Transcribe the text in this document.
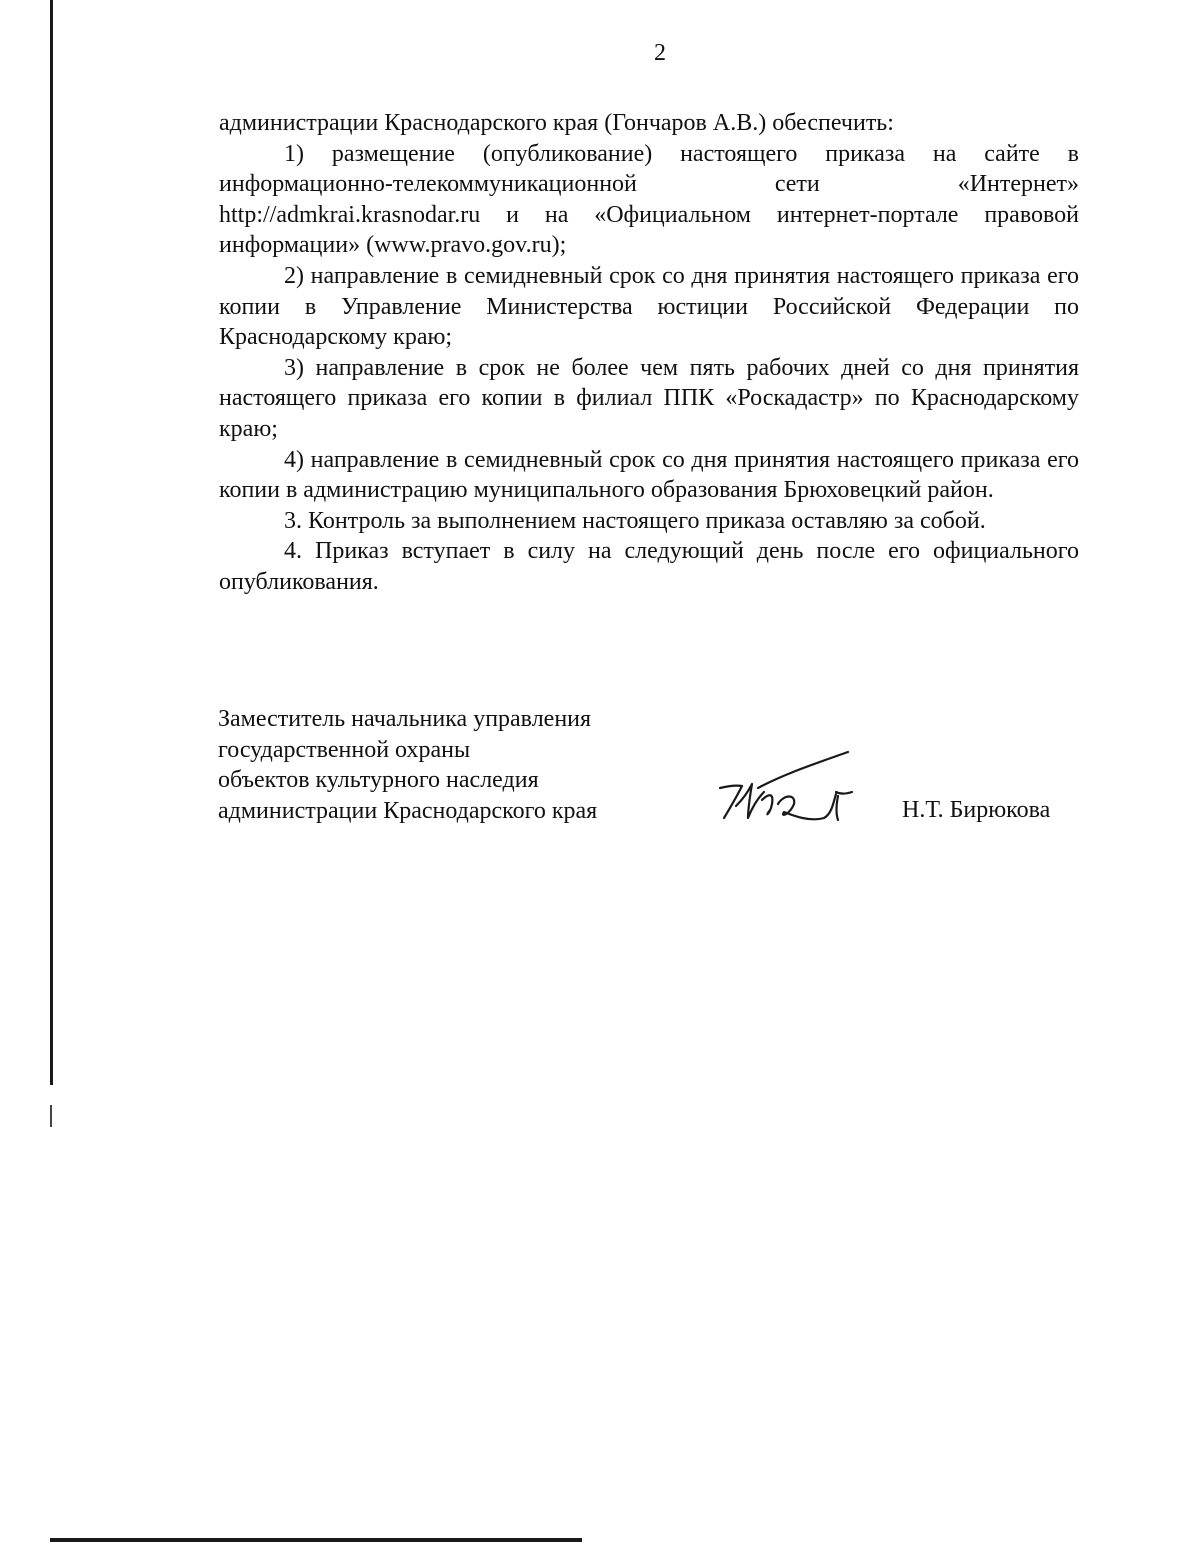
2

администрации Краснодарского края (Гончаров А.В.) обеспечить:

1) размещение (опубликование) настоящего приказа на сайте в информационно-телекоммуникационной сети «Интернет» http://admkrai.krasnodar.ru и на «Официальном интернет-портале правовой информации» (www.pravo.gov.ru);

2) направление в семидневный срок со дня принятия настоящего приказа его копии в Управление Министерства юстиции Российской Федерации по Краснодарскому краю;

3) направление в срок не более чем пять рабочих дней со дня принятия настоящего приказа его копии в филиал ППК «Роскадастр» по Краснодарскому краю;

4) направление в семидневный срок со дня принятия настоящего приказа его копии в администрацию муниципального образования Брюховецкий район.

3. Контроль за выполнением настоящего приказа оставляю за собой.

4. Приказ вступает в силу на следующий день после его официального опубликования.

Заместитель начальника управления
государственной охраны
объектов культурного наследия
администрации Краснодарского края	Н.Т. Бирюкова
